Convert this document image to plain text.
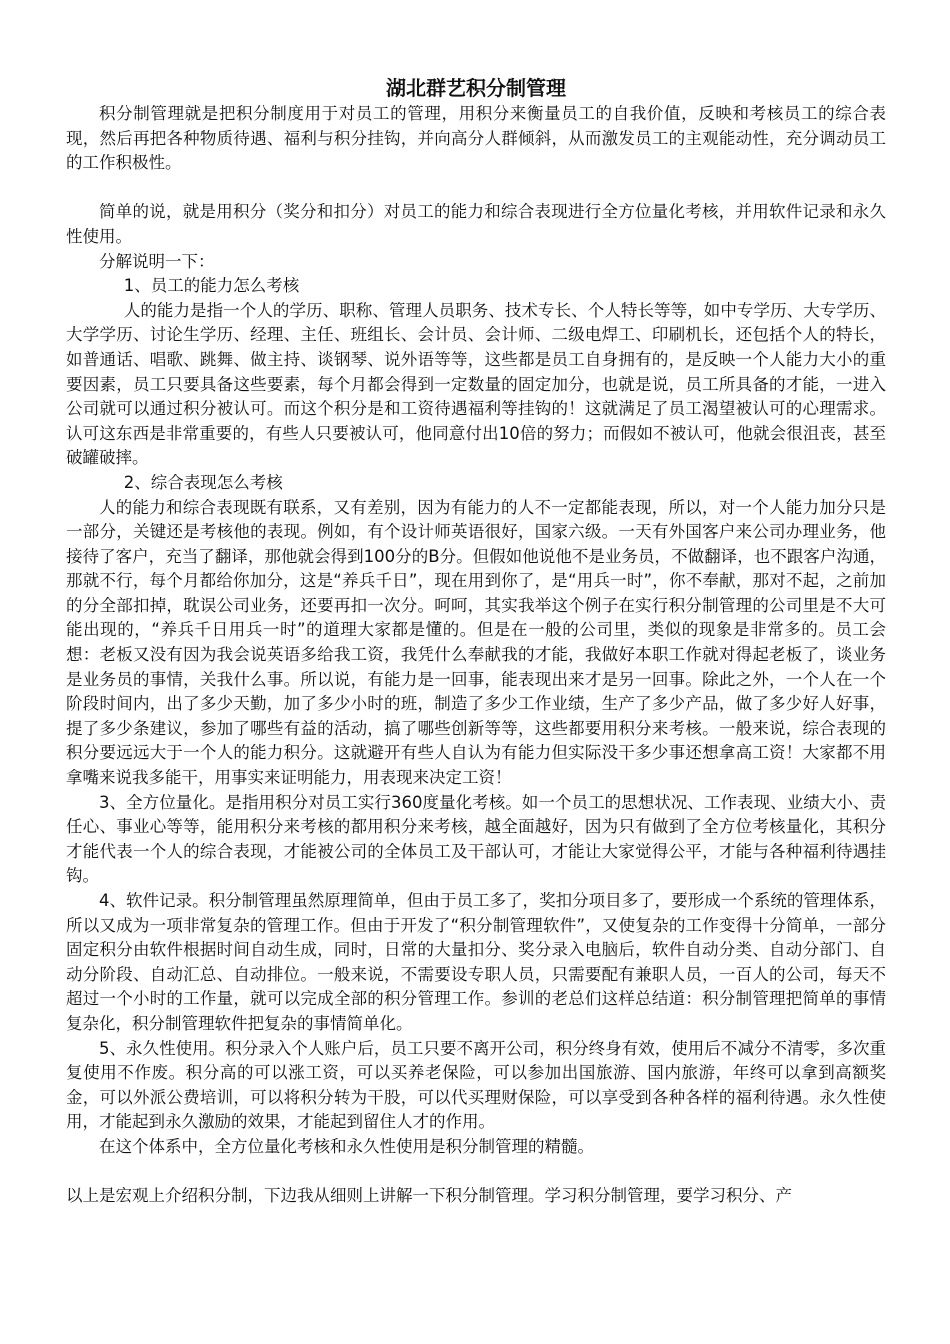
湖北群艺积分制管理

积分制管理就是把积分制度用于对员工的管理，用积分来衡量员工的自我价值，反映和考核员工的综合表现，然后再把各种物质待遇、福利与积分挂钩，并向高分人群倾斜，从而激发员工的主观能动性，充分调动员工的工作积极性。

简单的说，就是用积分（奖分和扣分）对员工的能力和综合表现进行全方位量化考核，并用软件记录和永久性使用。

分解说明一下：

1、员工的能力怎么考核

人的能力是指一个人的学历、职称、管理人员职务、技术专长、个人特长等等，如中专学历、大专学历、大学学历、讨论生学历、经理、主任、班组长、会计员、会计师、二级电焊工、印刷机长，还包括个人的特长，如普通话、唱歌、跳舞、做主持、谈钢琴、说外语等等，这些都是员工自身拥有的，是反映一个人能力大小的重要因素，员工只要具备这些要素，每个月都会得到一定数量的固定加分，也就是说，员工所具备的才能，一进入公司就可以通过积分被认可。而这个积分是和工资待遇福利等挂钩的！这就满足了员工渴望被认可的心理需求。认可这东西是非常重要的，有些人只要被认可，他同意付出10倍的努力；而假如不被认可，他就会很沮丧，甚至破罐破摔。

2、综合表现怎么考核

人的能力和综合表现既有联系，又有差别，因为有能力的人不一定都能表现，所以，对一个人能力加分只是一部分，关键还是考核他的表现。例如，有个设计师英语很好，国家六级。一天有外国客户来公司办理业务，他接待了客户，充当了翻译，那他就会得到100分的B分。但假如他说他不是业务员，不做翻译，也不跟客户沟通，那就不行，每个月都给你加分，这是“养兵千日”，现在用到你了，是“用兵一时”，你不奉献，那对不起，之前加的分全部扣掉，耽误公司业务，还要再扣一次分。呵呵，其实我举这个例子在实行积分制管理的公司里是不大可能出现的，“养兵千日用兵一时”的道理大家都是懂的。但是在一般的公司里，类似的现象是非常多的。员工会想：老板又没有因为我会说英语多给我工资，我凭什么奉献我的才能，我做好本职工作就对得起老板了，谈业务是业务员的事情，关我什么事。所以说，有能力是一回事，能表现出来才是另一回事。除此之外，一个人在一个阶段时间内，出了多少天勤，加了多少小时的班，制造了多少工作业绩，生产了多少产品，做了多少好人好事，提了多少条建议，参加了哪些有益的活动，搞了哪些创新等等，这些都要用积分来考核。一般来说，综合表现的积分要远远大于一个人的能力积分。这就避开有些人自认为有能力但实际没干多少事还想拿高工资！大家都不用拿嘴来说我多能干，用事实来证明能力，用表现来决定工资！

3、全方位量化。是指用积分对员工实行360度量化考核。如一个员工的思想状况、工作表现、业绩大小、责任心、事业心等等，能用积分来考核的都用积分来考核，越全面越好，因为只有做到了全方位考核量化，其积分才能代表一个人的综合表现，才能被公司的全体员工及干部认可，才能让大家觉得公平，才能与各种福利待遇挂钩。

4、软件记录。积分制管理虽然原理简单，但由于员工多了，奖扣分项目多了，要形成一个系统的管理体系，所以又成为一项非常复杂的管理工作。但由于开发了“积分制管理软件”，又使复杂的工作变得十分简单，一部分固定积分由软件根据时间自动生成，同时，日常的大量扣分、奖分录入电脑后，软件自动分类、自动分部门、自动分阶段、自动汇总、自动排位。一般来说，不需要设专职人员，只需要配有兼职人员，一百人的公司，每天不超过一个小时的工作量，就可以完成全部的积分管理工作。参训的老总们这样总结道：积分制管理把简单的事情复杂化，积分制管理软件把复杂的事情简单化。

5、永久性使用。积分录入个人账户后，员工只要不离开公司，积分终身有效，使用后不减分不清零，多次重复使用不作废。积分高的可以涨工资，可以买养老保险，可以参加出国旅游、国内旅游，年终可以拿到高额奖金，可以外派公费培训，可以将积分转为干股，可以代买理财保险，可以享受到各种各样的福利待遇。永久性使用，才能起到永久激励的效果，才能起到留住人才的作用。

在这个体系中，全方位量化考核和永久性使用是积分制管理的精髓。

以上是宏观上介绍积分制，下边我从细则上讲解一下积分制管理。学习积分制管理，要学习积分、产
